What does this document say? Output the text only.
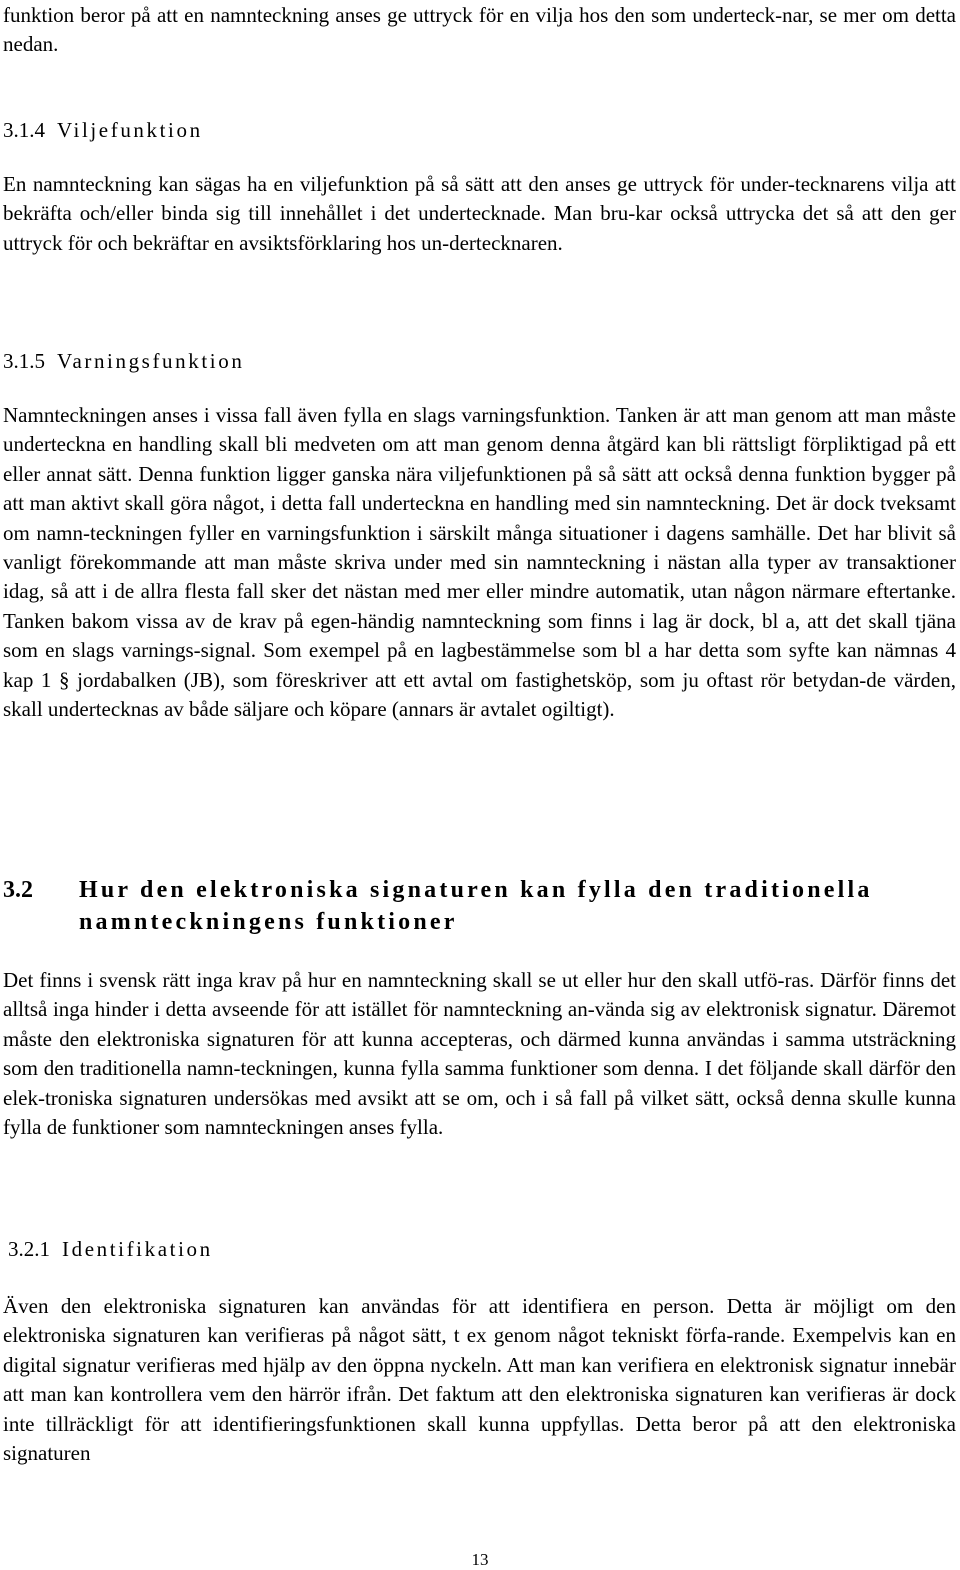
funktion beror på att en namnteckning anses ge uttryck för en vilja hos den som underteck-nar, se mer om detta nedan.

3.1.4 Viljefunktion

En namnteckning kan sägas ha en viljefunktion på så sätt att den anses ge uttryck för under-tecknarens vilja att bekräfta och/eller binda sig till innehållet i det undertecknade. Man bru-kar också uttrycka det så att den ger uttryck för och bekräftar en avsiktsförklaring hos un-dertecknaren.

3.1.5 Varningsfunktion

Namnteckningen anses i vissa fall även fylla en slags varningsfunktion. Tanken är att man genom att man måste underteckna en handling skall bli medveten om att man genom denna åtgärd kan bli rättsligt förpliktigad på ett eller annat sätt. Denna funktion ligger ganska nära viljefunktionen på så sätt att också denna funktion bygger på att man aktivt skall göra något, i detta fall underteckna en handling med sin namnteckning. Det är dock tveksamt om namn-teckningen fyller en varningsfunktion i särskilt många situationer i dagens samhälle. Det har blivit så vanligt förekommande att man måste skriva under med sin namnteckning i nästan alla typer av transaktioner idag, så att i de allra flesta fall sker det nästan med mer eller mindre automatik, utan någon närmare eftertanke. Tanken bakom vissa av de krav på egen-händig namnteckning som finns i lag är dock, bl a, att det skall tjäna som en slags varnings-signal. Som exempel på en lagbestämmelse som bl a har detta som syfte kan nämnas 4 kap 1 § jordabalken (JB), som föreskriver att ett avtal om fastighetsköp, som ju oftast rör betydan-de värden, skall undertecknas av både säljare och köpare (annars är avtalet ogiltigt).

3.2 Hur den elektroniska signaturen kan fylla den traditionella
namnteckningens funktioner

Det finns i svensk rätt inga krav på hur en namnteckning skall se ut eller hur den skall utfö-ras. Därför finns det alltså inga hinder i detta avseende för att istället för namnteckning an-vända sig av elektronisk signatur. Däremot måste den elektroniska signaturen för att kunna accepteras, och därmed kunna användas i samma utsträckning som den traditionella namn-teckningen, kunna fylla samma funktioner som denna. I det följande skall därför den elek-troniska signaturen undersökas med avsikt att se om, och i så fall på vilket sätt, också denna skulle kunna fylla de funktioner som namnteckningen anses fylla.

3.2.1 Identifikation

Även den elektroniska signaturen kan användas för att identifiera en person. Detta är möjligt om den elektroniska signaturen kan verifieras på något sätt, t ex genom något tekniskt förfa-rande. Exempelvis kan en digital signatur verifieras med hjälp av den öppna nyckeln. Att man kan verifiera en elektronisk signatur innebär att man kan kontrollera vem den härrör ifrån. Det faktum att den elektroniska signaturen kan verifieras är dock inte tillräckligt för att identifieringsfunktionen skall kunna uppfyllas. Detta beror på att den elektroniska signaturen

13
